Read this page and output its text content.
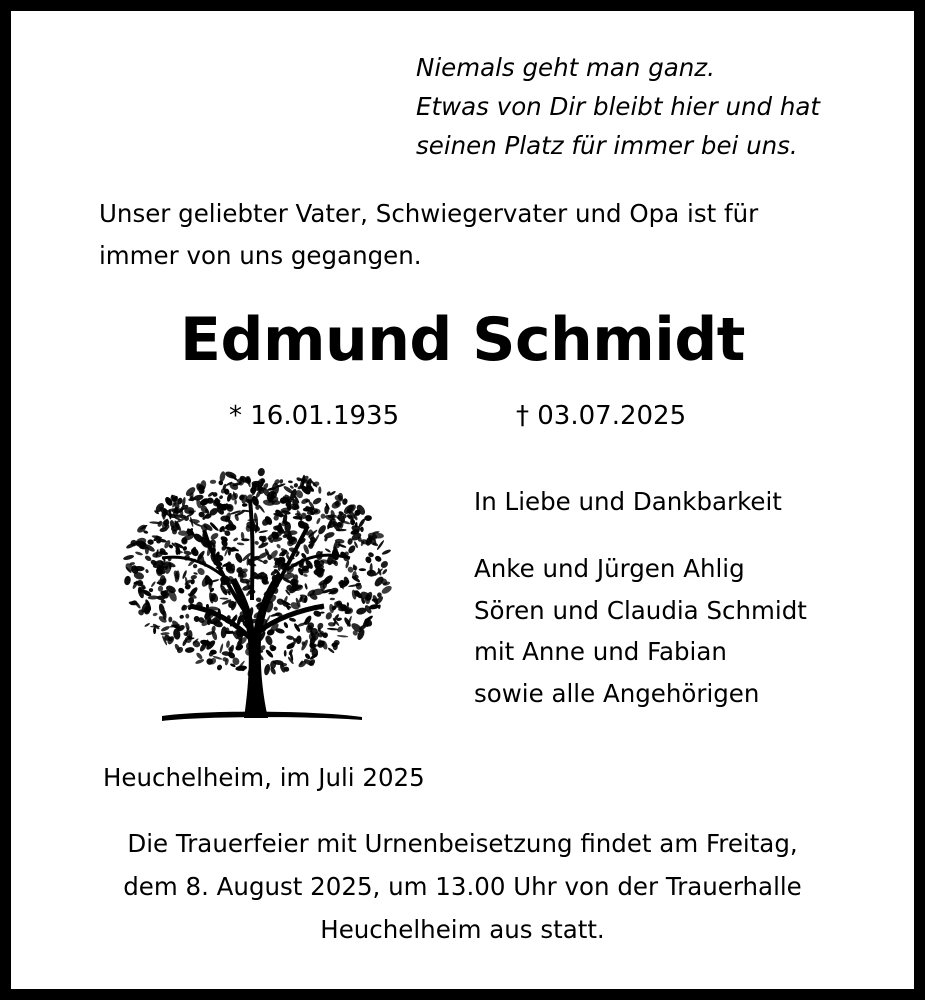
Niemals geht man ganz.
Etwas von Dir bleibt hier und hat
seinen Platz für immer bei uns.
Unser geliebter Vater, Schwiegervater und Opa ist für
immer von uns gegangen.
Edmund Schmidt
* 16.01.1935	† 03.07.2025
In Liebe und Dankbarkeit
Anke und Jürgen Ahlig
Sören und Claudia Schmidt
mit Anne und Fabian
sowie alle Angehörigen
Heuchelheim, im Juli 2025
Die Trauerfeier mit Urnenbeisetzung findet am Freitag,
dem 8. August 2025, um 13.00 Uhr von der Trauerhalle
Heuchelheim aus statt.
